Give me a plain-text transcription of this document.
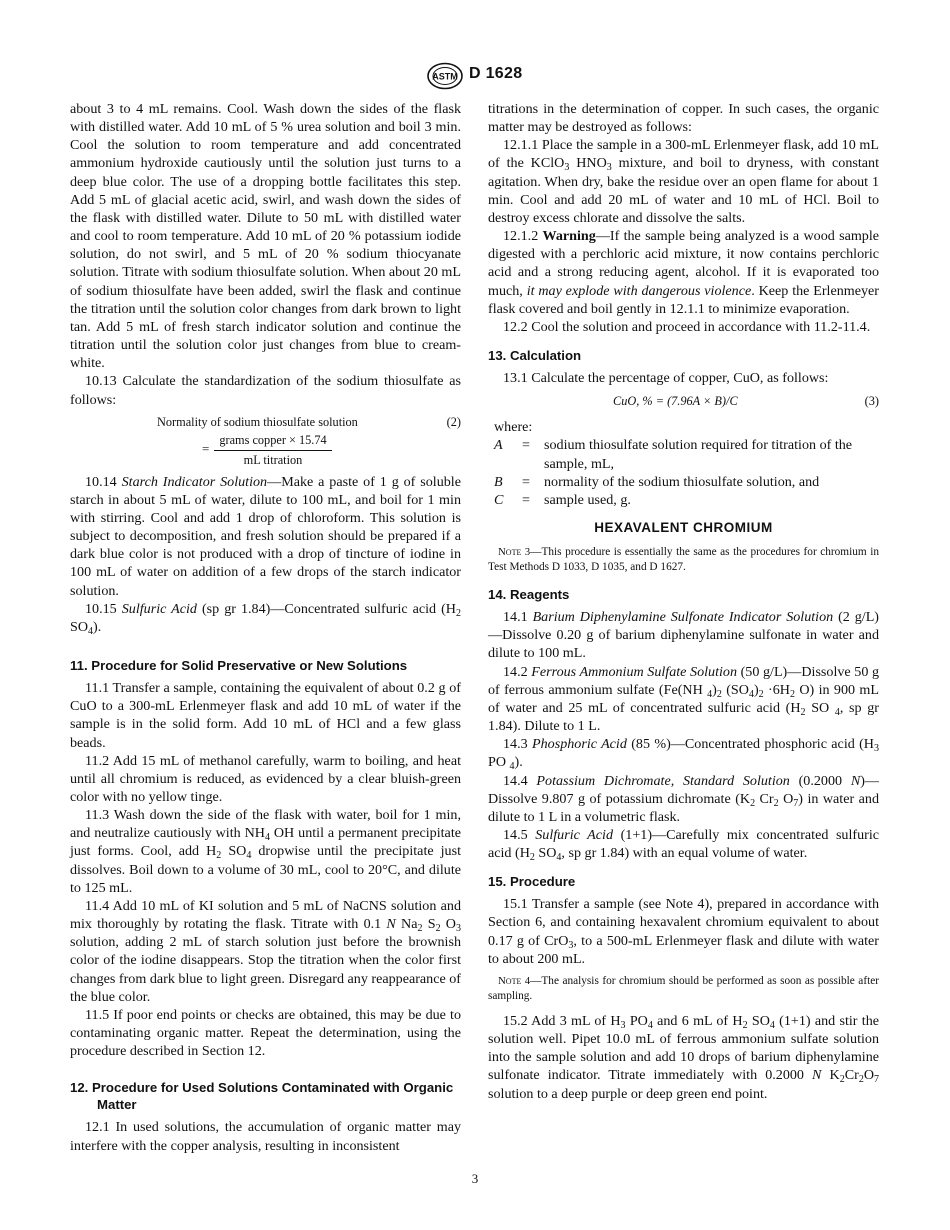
ASTM D 1628

about 3 to 4 mL remains. Cool. Wash down the sides of the flask with distilled water. Add 10 mL of 5 % urea solution and boil 3 min. Cool the solution to room temperature and add concentrated ammonium hydroxide cautiously until the solution just turns to a deep blue color. The use of a dropping bottle facilitates this step. Add 5 mL of glacial acetic acid, swirl, and wash down the sides of the flask with distilled water. Dilute to 50 mL with distilled water and cool to room temperature. Add 10 mL of 20 % potassium iodide solution, do not swirl, and 5 mL of 20 % sodium thiocyanate solution. Titrate with sodium thiosulfate solution. When about 20 mL of sodium thiosulfate have been added, swirl the flask and continue the titration until the solution color changes from dark brown to light tan. Add 5 mL of fresh starch indicator solution and continue the titration until the solution color just changes from blue to cream-white.

10.13 Calculate the standardization of the sodium thiosulfate as follows:

Normality of sodium thiosulfate solution	(2)
=
grams copper × 15.74
mL titration

10.14 Starch Indicator Solution—Make a paste of 1 g of soluble starch in about 5 mL of water, dilute to 100 mL, and boil for 1 min with stirring. Cool and add 1 drop of chloroform. This solution is subject to decomposition, and fresh solution should be prepared if a dark blue color is not produced with a drop of tincture of iodine in 100 mL of water on addition of a few drops of the starch indicator solution.

10.15 Sulfuric Acid (sp gr 1.84)—Concentrated sulfuric acid ($H_2$ $SO_4$).

11. Procedure for Solid Preservative or New Solutions

11.1 Transfer a sample, containing the equivalent of about 0.2 g of CuO to a 300-mL Erlenmeyer flask and add 10 mL of water if the sample is in the solid form. Add 10 mL of HCl and a few glass beads.

11.2 Add 15 mL of methanol carefully, warm to boiling, and heat until all chromium is reduced, as evidenced by a clear bluish-green color with no yellow tinge.

11.3 Wash down the side of the flask with water, boil for 1 min, and neutralize cautiously with $NH_4$ OH until a permanent precipitate just forms. Cool, add $H_2$ $SO_4$ dropwise until the precipitate just dissolves. Boil down to a volume of 30 mL, cool to 20°C, and dilute to 125 mL.

11.4 Add 10 mL of KI solution and 5 mL of NaCNS solution and mix thoroughly by rotating the flask. Titrate with 0.1 N $Na_2$ $S_2$ $O_3$ solution, adding 2 mL of starch solution just before the brownish color of the iodine disappears. Stop the titration when the color first changes from dark blue to light green. Disregard any reappearance of the blue color.

11.5 If poor end points or checks are obtained, this may be due to contaminating organic matter. Repeat the determination, using the procedure described in Section 12.

12. Procedure for Used Solutions Contaminated with Organic Matter

12.1 In used solutions, the accumulation of organic matter may interfere with the copper analysis, resulting in inconsistent

titrations in the determination of copper. In such cases, the organic matter may be destroyed as follows:

12.1.1 Place the sample in a 300-mL Erlenmeyer flask, add 10 mL of the KClO$_3$ $HNO_3$ mixture, and boil to dryness, with constant agitation. When dry, bake the residue over an open flame for about 1 min. Cool and add 20 mL of water and 10 mL of HCl. Boil to destroy excess chlorate and dissolve the salts.

12.1.2 Warning—If the sample being analyzed is a wood sample digested with a perchloric acid mixture, it now contains perchloric acid and a strong reducing agent, alcohol. If it is evaporated too much, it may explode with dangerous violence. Keep the Erlenmeyer flask covered and boil gently in 12.1.1 to minimize evaporation.

12.2 Cool the solution and proceed in accordance with 11.2-11.4.

13. Calculation

13.1 Calculate the percentage of copper, CuO, as follows:

CuO, % = (7.96A × B)/C	(3)
where:
A	= sodium thiosulfate solution required for titration of the sample, mL,
B	= normality of the sodium thiosulfate solution, and
C	= sample used, g.
HEXAVALENT CHROMIUM

Note 3—This procedure is essentially the same as the procedures for chromium in Test Methods D 1033, D 1035, and D 1627.

14. Reagents

14.1 Barium Diphenylamine Sulfonate Indicator Solution (2 g/L)—Dissolve 0.20 g of barium diphenylamine sulfonate in water and dilute to 100 mL.

14.2 Ferrous Ammonium Sulfate Solution (50 g/L)—Dissolve 50 g of ferrous ammonium sulfate (Fe(NH $_4)_2$ $(SO_4)_2 \cdot 6H_2$ O) in 900 mL of water and 25 mL of concentrated sulfuric acid ($H_2$ SO $_4$, sp gr 1.84). Dilute to 1 L.

14.3 Phosphoric Acid (85 %)—Concentrated phosphoric acid ($H_3$ PO $_4$).

14.4 Potassium Dichromate, Standard Solution (0.2000 N)—Dissolve 9.807 g of potassium dichromate ($K_2$ $Cr_2$ $O_7$) in water and dilute to 1 L in a volumetric flask.

14.5 Sulfuric Acid (1+1)—Carefully mix concentrated sulfuric acid ($H_2$ $SO_4$, sp gr 1.84) with an equal volume of water.

15. Procedure

15.1 Transfer a sample (see Note 4), prepared in accordance with Section 6, and containing hexavalent chromium equivalent to about 0.17 g of CrO$_3$, to a 500-mL Erlenmeyer flask and dilute with water to about 200 mL.

Note 4—The analysis for chromium should be performed as soon as possible after sampling.

15.2 Add 3 mL of $H_3$ $PO_4$ and 6 mL of $H_2$ $SO_4$ (1+1) and stir the solution well. Pipet 10.0 mL of ferrous ammonium sulfate solution into the sample solution and add 10 drops of barium diphenylamine sulfonate indicator. Titrate immediately with 0.2000 N $K_2Cr_2O_7$ solution to a deep purple or deep green end point.

3
